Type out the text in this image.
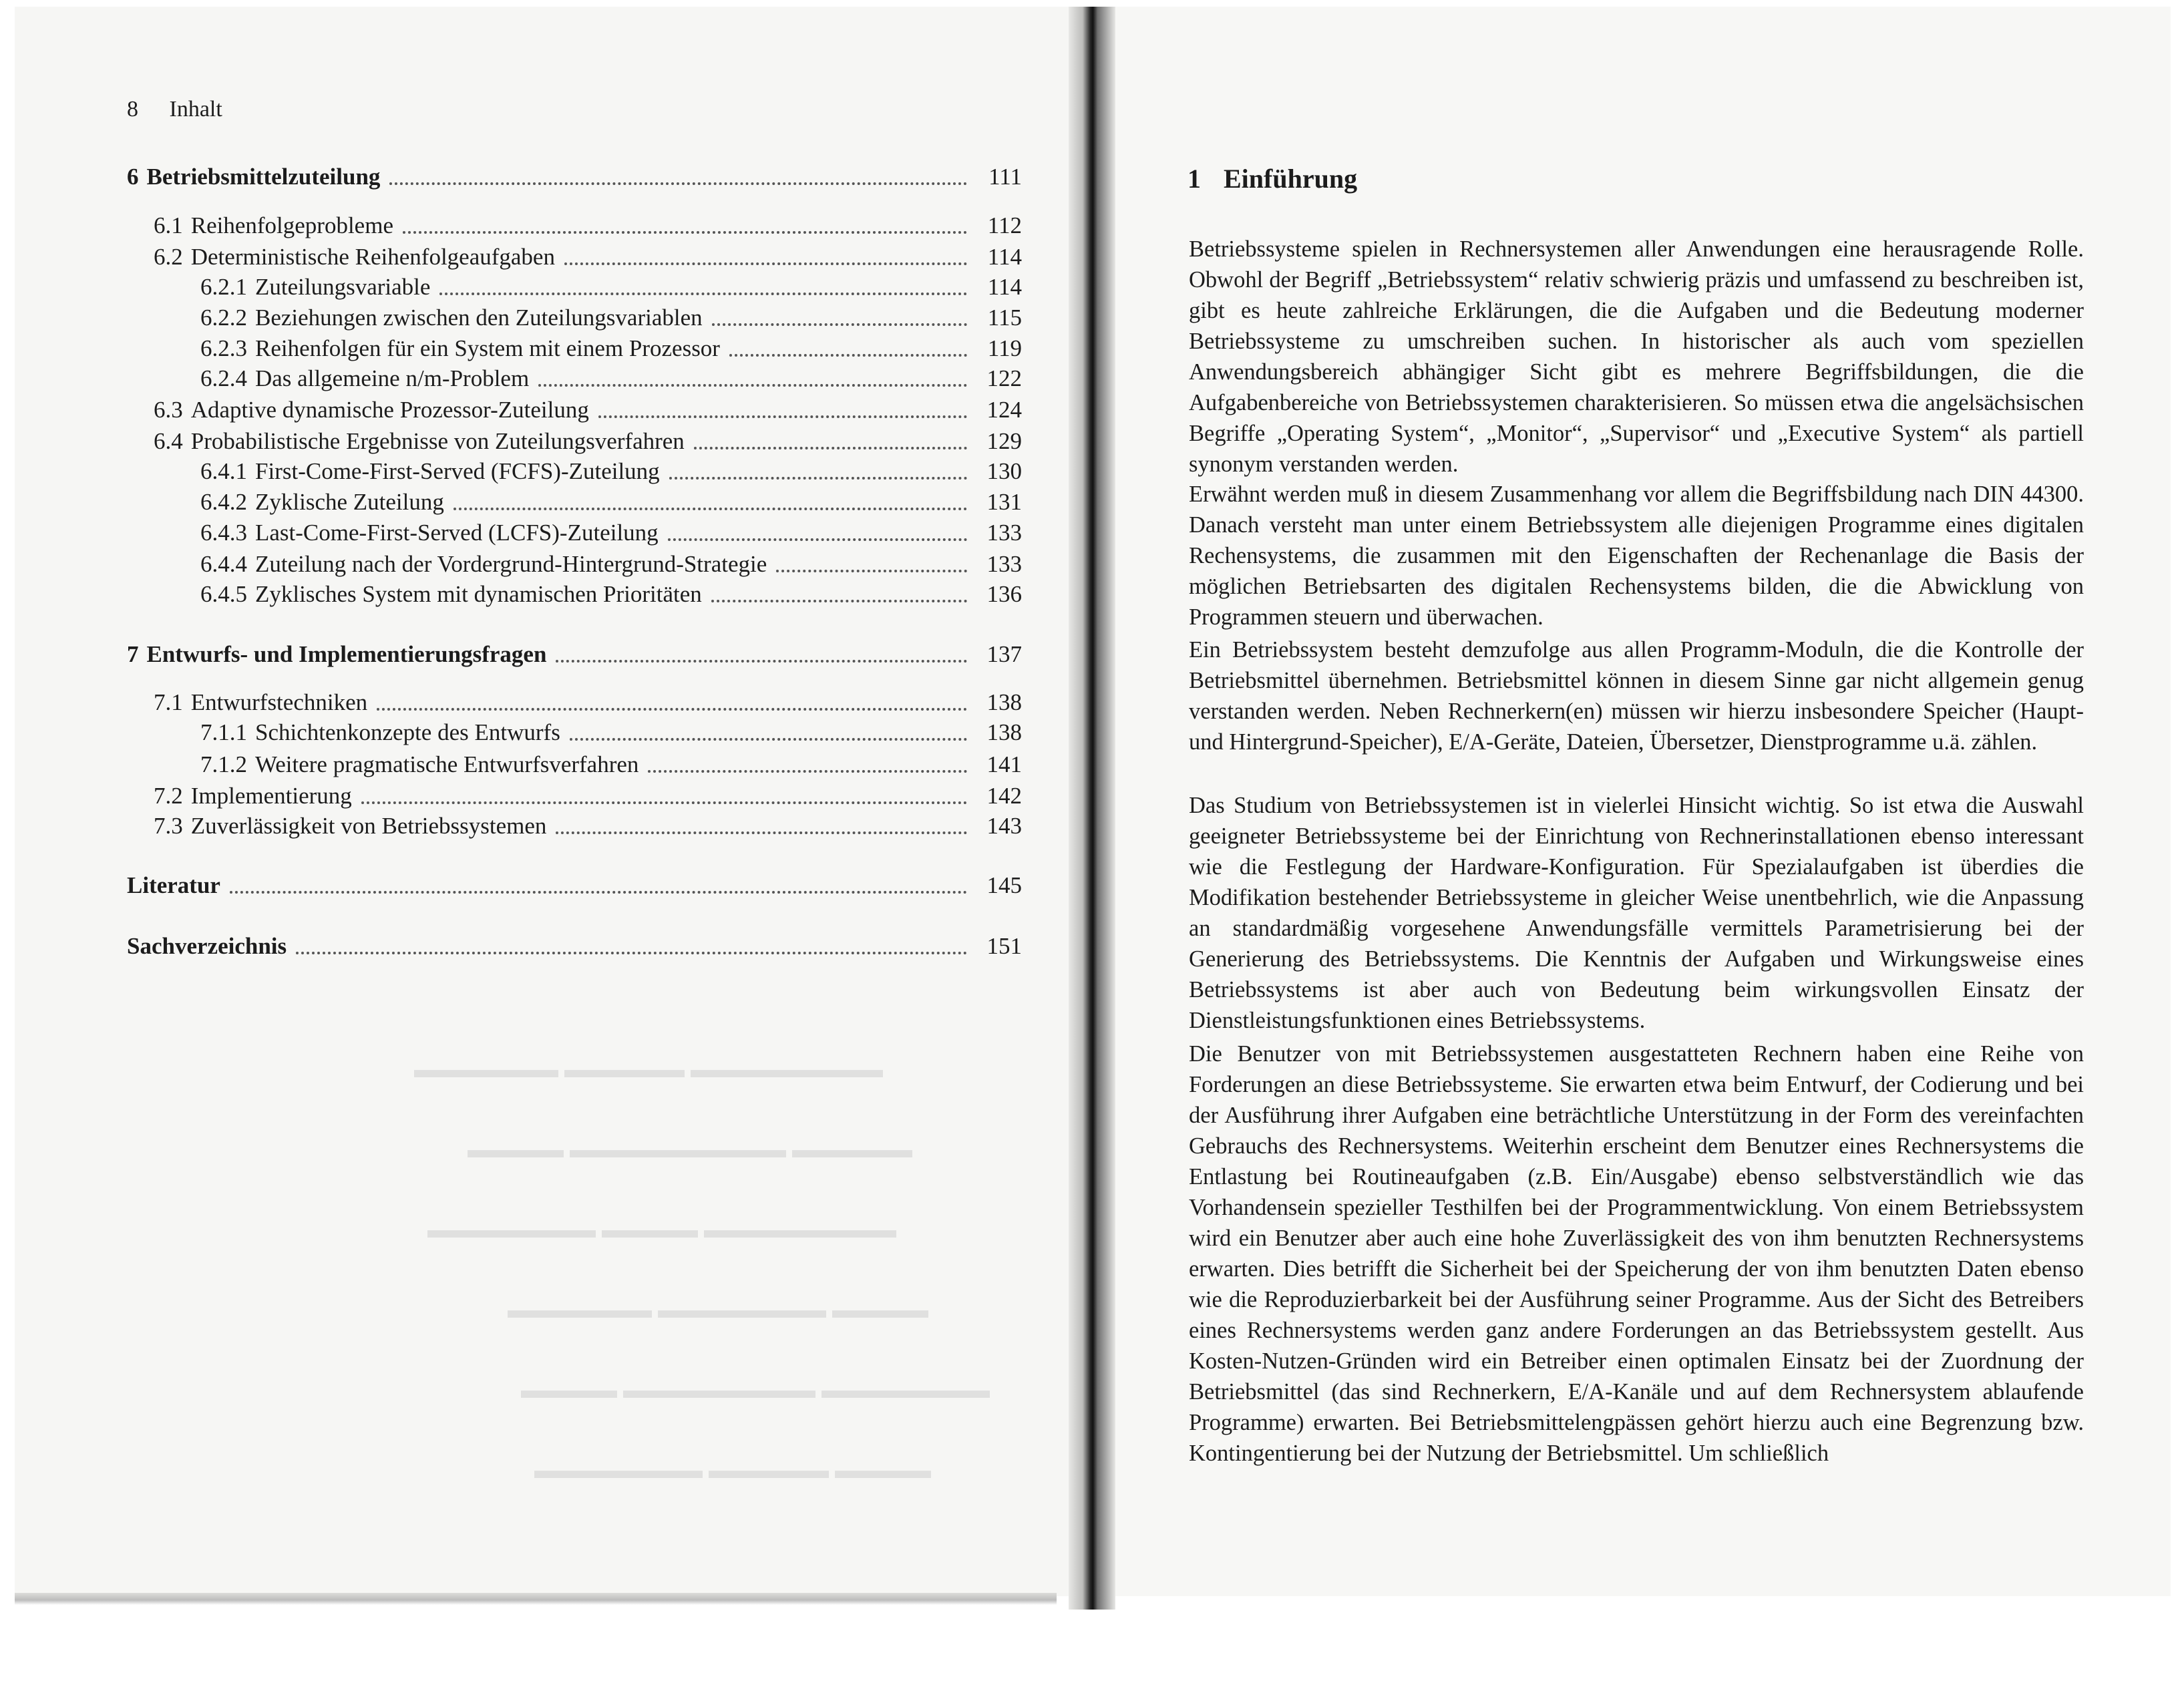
▬▬▬▬▬▬ ▬▬▬▬▬ ▬▬▬▬▬▬▬▬
▬▬▬▬ ▬▬▬▬▬▬▬▬▬ ▬▬▬▬▬
▬▬▬▬▬▬▬ ▬▬▬▬ ▬▬▬▬▬▬▬▬
▬▬▬▬▬▬ ▬▬▬▬▬▬▬ ▬▬▬▬
▬▬▬▬ ▬▬▬▬▬▬▬▬ ▬▬▬▬▬▬▬
▬▬▬▬▬▬▬ ▬▬▬▬▬ ▬▬▬▬
8 Inhalt
6 Betriebsmittelzuteilung	111
6.1 Reihenfolgeprobleme	112
6.2 Deterministische Reihenfolgeaufgaben	114
6.2.1 Zuteilungsvariable	114
6.2.2 Beziehungen zwischen den Zuteilungsvariablen	115
6.2.3 Reihenfolgen für ein System mit einem Prozessor	119
6.2.4 Das allgemeine n/m-Problem	122
6.3 Adaptive dynamische Prozessor-Zuteilung	124
6.4 Probabilistische Ergebnisse von Zuteilungsverfahren	129
6.4.1 First-Come-First-Served (FCFS)-Zuteilung	130
6.4.2 Zyklische Zuteilung	131
6.4.3 Last-Come-First-Served (LCFS)-Zuteilung	133
6.4.4 Zuteilung nach der Vordergrund-Hintergrund-Strategie	133
6.4.5 Zyklisches System mit dynamischen Prioritäten	136
7 Entwurfs- und Implementierungsfragen	137
7.1 Entwurfstechniken	138
7.1.1 Schichtenkonzepte des Entwurfs	138
7.1.2 Weitere pragmatische Entwurfsverfahren	141
7.2 Implementierung	142
7.3 Zuverlässigkeit von Betriebssystemen	143
Literatur	145
Sachverzeichnis	151
1 Einführung

Betriebssysteme spielen in Rechnersystemen aller Anwendungen eine herausragende Rolle. Obwohl der Begriff „Betriebssystem“ relativ schwierig präzis und umfassend zu beschreiben ist, gibt es heute zahlreiche Erklärungen, die die Aufgaben und die Bedeutung moderner Betriebssysteme zu umschreiben suchen. In historischer als auch vom speziellen Anwendungsbereich abhängiger Sicht gibt es mehrere Begriffsbildungen, die die Aufgabenbereiche von Betriebssystemen charakterisieren. So müssen etwa die angelsächsischen Begriffe „Operating System“, „Monitor“, „Supervisor“ und „Executive System“ als partiell synonym verstanden werden.

Erwähnt werden muß in diesem Zusammenhang vor allem die Begriffsbildung nach DIN 44300. Danach versteht man unter einem Betriebssystem alle diejenigen Programme eines digitalen Rechensystems, die zusammen mit den Eigenschaften der Rechenanlage die Basis der möglichen Betriebsarten des digitalen Rechensystems bilden, die die Abwicklung von Programmen steuern und überwachen.

Ein Betriebssystem besteht demzufolge aus allen Programm-Moduln, die die Kontrolle der Betriebsmittel übernehmen. Betriebsmittel können in diesem Sinne gar nicht allgemein genug verstanden werden. Neben Rechnerkern(en) müssen wir hierzu insbesondere Speicher (Haupt- und Hintergrund-Speicher), E/A-Geräte, Dateien, Übersetzer, Dienstprogramme u.ä. zählen.

Das Studium von Betriebssystemen ist in vielerlei Hinsicht wichtig. So ist etwa die Auswahl geeigneter Betriebssysteme bei der Einrichtung von Rechnerinstallationen ebenso interessant wie die Festlegung der Hardware-Konfiguration. Für Spezialaufgaben ist überdies die Modifikation bestehender Betriebssysteme in gleicher Weise unentbehrlich, wie die Anpassung an standardmäßig vorgesehene Anwendungsfälle vermittels Parametrisierung bei der Generierung des Betriebssystems. Die Kenntnis der Aufgaben und Wirkungsweise eines Betriebssystems ist aber auch von Bedeutung beim wirkungsvollen Einsatz der Dienstleistungsfunktionen eines Betriebssystems.

Die Benutzer von mit Betriebssystemen ausgestatteten Rechnern haben eine Reihe von Forderungen an diese Betriebssysteme. Sie erwarten etwa beim Entwurf, der Codierung und bei der Ausführung ihrer Aufgaben eine beträchtliche Unterstützung in der Form des vereinfachten Gebrauchs des Rechnersystems. Weiterhin erscheint dem Benutzer eines Rechnersystems die Entlastung bei Routineaufgaben (z.B. Ein/Ausgabe) ebenso selbstverständlich wie das Vorhandensein spezieller Testhilfen bei der Programmentwicklung. Von einem Betriebssystem wird ein Benutzer aber auch eine hohe Zuverlässigkeit des von ihm benutzten Rechnersystems erwarten. Dies betrifft die Sicherheit bei der Speicherung der von ihm benutzten Daten ebenso wie die Reproduzierbarkeit bei der Ausführung seiner Programme. Aus der Sicht des Betreibers eines Rechnersystems werden ganz andere Forderungen an das Betriebssystem gestellt. Aus Kosten-Nutzen-Gründen wird ein Betreiber einen optimalen Einsatz bei der Zuordnung der Betriebsmittel (das sind Rechnerkern, E/A-Kanäle und auf dem Rechnersystem ablaufende Programme) erwarten. Bei Betriebsmittelengpässen gehört hierzu auch eine Begrenzung bzw. Kontingentierung bei der Nutzung der Betriebsmittel. Um schließlich
